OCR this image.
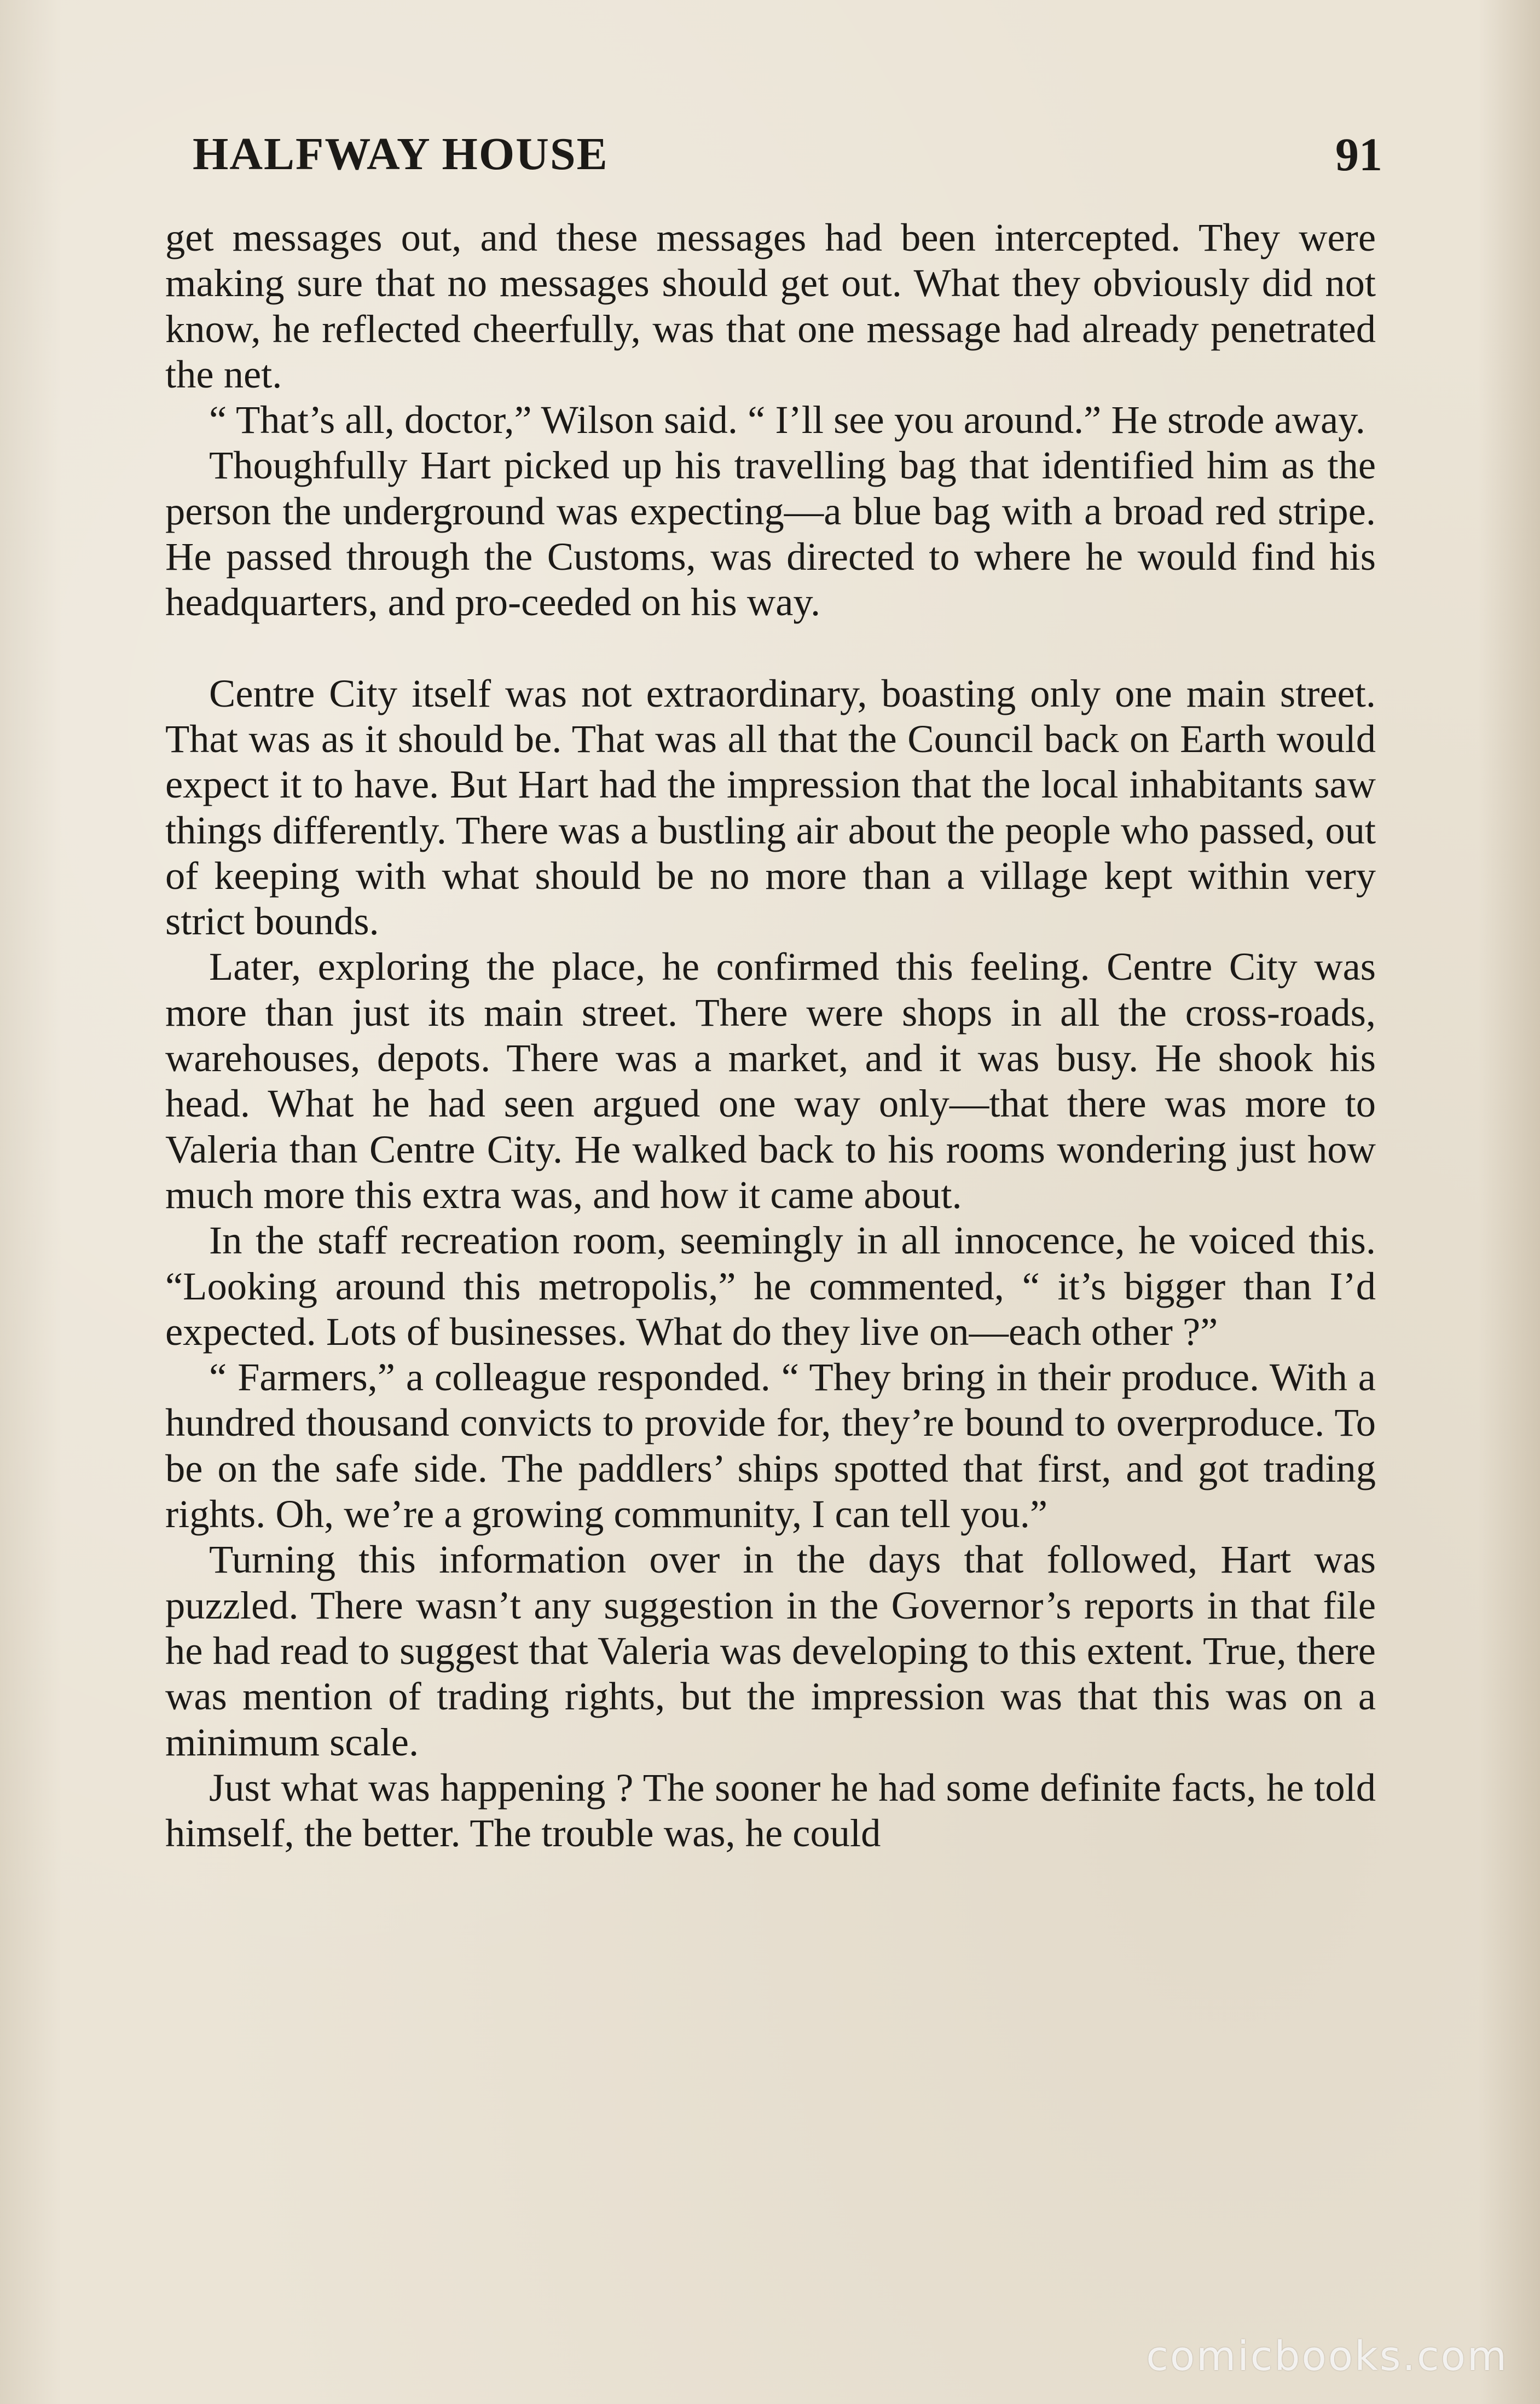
HALFWAY HOUSE	91

get messages out, and these messages had been intercepted. They were making sure that no messages should get out. What they obviously did not know, he reflected cheerfully, was that one message had already penetrated the net.

“ That’s all, doctor,” Wilson said. “ I’ll see you around.” He strode away.

Thoughfully Hart picked up his travelling bag that identified him as the person the underground was expecting—a blue bag with a broad red stripe. He passed through the Customs, was directed to where he would find his headquarters, and pro-ceeded on his way.

Centre City itself was not extraordinary, boasting only one main street. That was as it should be. That was all that the Council back on Earth would expect it to have. But Hart had the impression that the local inhabitants saw things differently. There was a bustling air about the people who passed, out of keeping with what should be no more than a village kept within very strict bounds.

Later, exploring the place, he confirmed this feeling. Centre City was more than just its main street. There were shops in all the cross-roads, warehouses, depots. There was a market, and it was busy. He shook his head. What he had seen argued one way only—that there was more to Valeria than Centre City. He walked back to his rooms wondering just how much more this extra was, and how it came about.

In the staff recreation room, seemingly in all innocence, he voiced this. “Looking around this metropolis,” he commented, “ it’s bigger than I’d expected. Lots of businesses. What do they live on—each other ?”

“ Farmers,” a colleague responded. “ They bring in their produce. With a hundred thousand convicts to provide for, they’re bound to overproduce. To be on the safe side. The paddlers’ ships spotted that first, and got trading rights. Oh, we’re a growing community, I can tell you.”

Turning this information over in the days that followed, Hart was puzzled. There wasn’t any suggestion in the Governor’s reports in that file he had read to suggest that Valeria was developing to this extent. True, there was mention of trading rights, but the impression was that this was on a minimum scale.

Just what was happening ? The sooner he had some definite facts, he told himself, the better. The trouble was, he could

comicbooks.com
